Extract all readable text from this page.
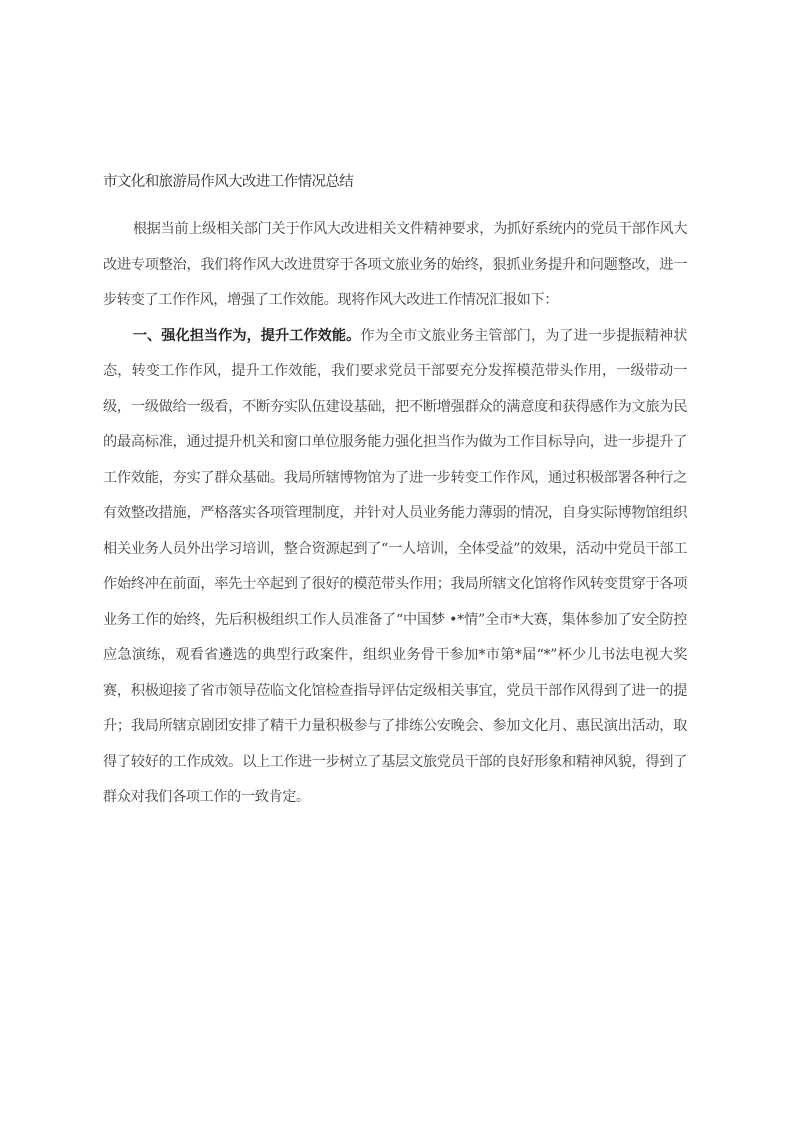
市文化和旅游局作风大改进工作情况总结

根据当前上级相关部门关于作风大改进相关文件精神要求，为抓好系统内的党员干部作风大改进专项整治，我们将作风大改进贯穿于各项文旅业务的始终，狠抓业务提升和问题整改，进一步转变了工作作风，增强了工作效能。现将作风大改进工作情况汇报如下：

一、强化担当作为，提升工作效能。作为全市文旅业务主管部门，为了进一步提振精神状态，转变工作作风，提升工作效能，我们要求党员干部要充分发挥模范带头作用，一级带动一级，一级做给一级看，不断夯实队伍建设基础，把不断增强群众的满意度和获得感作为文旅为民的最高标准，通过提升机关和窗口单位服务能力强化担当作为做为工作目标导向，进一步提升了工作效能，夯实了群众基础。我局所辖博物馆为了进一步转变工作作风，通过积极部署各种行之有效整改措施，严格落实各项管理制度，并针对人员业务能力薄弱的情况，自身实际博物馆组织相关业务人员外出学习培训，整合资源起到了“一人培训，全体受益”的效果，活动中党员干部工作始终冲在前面，率先士卒起到了很好的模范带头作用；我局所辖文化馆将作风转变贯穿于各项业务工作的始终，先后积极组织工作人员准备了“中国梦 •*情”全市*大赛，集体参加了安全防控应急演练，观看省遴选的典型行政案件，组织业务骨干参加*市第*届“*”杯少儿书法电视大奖赛，积极迎接了省市领导莅临文化馆检查指导评估定级相关事宜，党员干部作风得到了进一的提升；我局所辖京剧团安排了精干力量积极参与了排练公安晚会、参加文化月、惠民演出活动，取得了较好的工作成效。以上工作进一步树立了基层文旅党员干部的良好形象和精神风貌，得到了群众对我们各项工作的一致肯定。
